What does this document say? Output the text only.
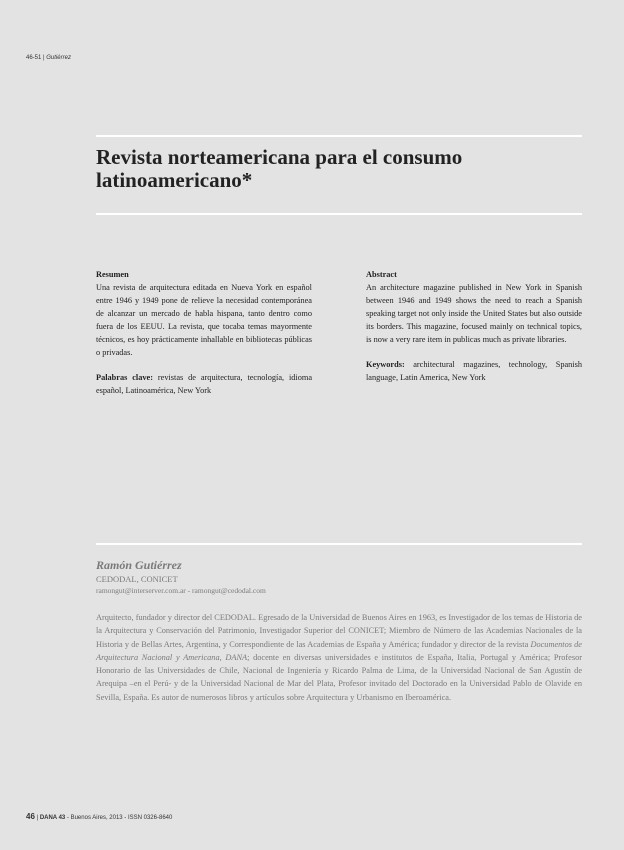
46-51 | Gutiérrez
Revista norteamericana para el consumo latinoamericano*
Resumen
Una revista de arquitectura editada en Nueva York en español entre 1946 y 1949 pone de relieve la necesidad contemporánea de alcanzar un mercado de habla hispana, tanto dentro como fuera de los EEUU. La revista, que tocaba temas mayormente técnicos, es hoy prácticamente inhallable en bibliotecas públicas o privadas.
Palabras clave: revistas de arquitectura, tecnología, idioma español, Latinoamérica, New York
Abstract
An architecture magazine published in New York in Spanish between 1946 and 1949 shows the need to reach a Spanish speaking target not only inside the United States but also outside its borders. This magazine, focused mainly on technical topics, is now a very rare item in publicas much as private libraries.
Keywords: architectural magazines, technology, Spanish language, Latin America, New York
Ramón Gutiérrez
CEDODAL, CONICET
ramongut@interserver.com.ar - ramongut@cedodal.com
Arquitecto, fundador y director del CEDODAL. Egresado de la Universidad de Buenos Aires en 1963, es Investigador de los temas de Historia de la Arquitectura y Conservación del Patrimonio, Investigador Superior del CONICET; Miembro de Número de las Academias Nacionales de la Historia y de Bellas Artes, Argentina, y Correspondiente de las Academias de España y América; fundador y director de la revista Documentos de Arquitectura Nacional y Americana, DANA; docente en diversas universidades e institutos de España, Italia, Portugal y América; Profesor Honorario de las Universidades de Chile, Nacional de Ingeniería y Ricardo Palma de Lima, de la Universidad Nacional de San Agustín de Arequipa –en el Perú- y de la Universidad Nacional de Mar del Plata, Profesor invitado del Doctorado en la Universidad Pablo de Olavide en Sevilla, España. Es autor de numerosos libros y artículos sobre Arquitectura y Urbanismo en Iberoamérica.
46 | DANA 43 - Buenos Aires, 2013 - ISSN 0326-8640
